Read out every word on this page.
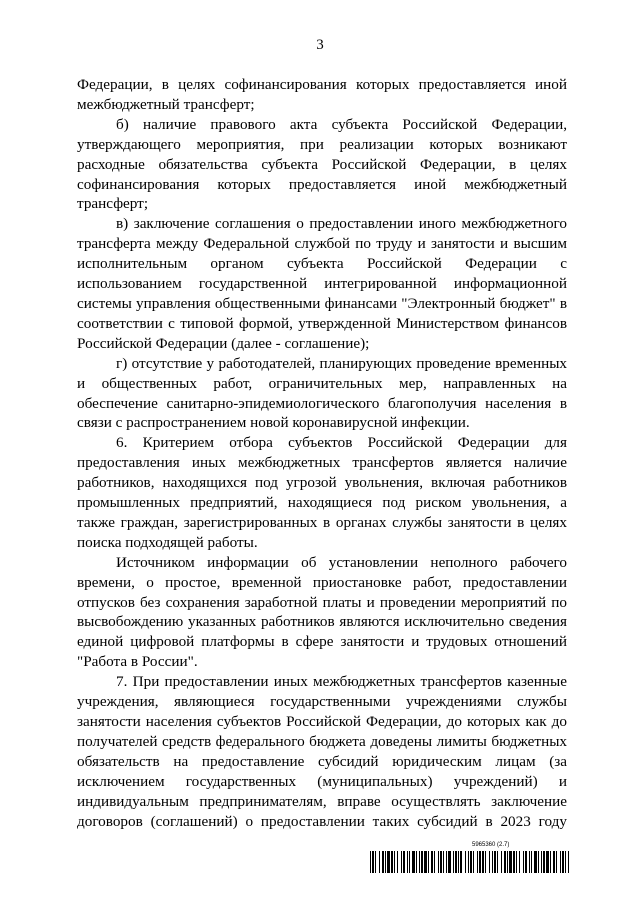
3

Федерации, в целях софинансирования которых предоставляется иной межбюджетный трансферт;

б) наличие правового акта субъекта Российской Федерации, утверждающего мероприятия, при реализации которых возникают расходные обязательства субъекта Российской Федерации, в целях софинансирования которых предоставляется иной межбюджетный трансферт;

в) заключение соглашения о предоставлении иного межбюджетного трансферта между Федеральной службой по труду и занятости и высшим исполнительным органом субъекта Российской Федерации с использованием государственной интегрированной информационной системы управления общественными финансами "Электронный бюджет" в соответствии с типовой формой, утвержденной Министерством финансов Российской Федерации (далее - соглашение);

г) отсутствие у работодателей, планирующих проведение временных и общественных работ, ограничительных мер, направленных на обеспечение санитарно-эпидемиологического благополучия населения в связи с распространением новой коронавирусной инфекции.

6. Критерием отбора субъектов Российской Федерации для предоставления иных межбюджетных трансфертов является наличие работников, находящихся под угрозой увольнения, включая работников промышленных предприятий, находящиеся под риском увольнения, а также граждан, зарегистрированных в органах службы занятости в целях поиска подходящей работы.

Источником информации об установлении неполного рабочего времени, о простое, временной приостановке работ, предоставлении отпусков без сохранения заработной платы и проведении мероприятий по высвобождению указанных работников являются исключительно сведения единой цифровой платформы в сфере занятости и трудовых отношений "Работа в России".

7. При предоставлении иных межбюджетных трансфертов казенные учреждения, являющиеся государственными учреждениями службы занятости населения субъектов Российской Федерации, до которых как до получателей средств федерального бюджета доведены лимиты бюджетных обязательств на предоставление субсидий юридическим лицам (за исключением государственных (муниципальных) учреждений) и индивидуальным предпринимателям, вправе осуществлять заключение договоров (соглашений) о предоставлении таких субсидий в 2023 году

5965360 (2.7)
